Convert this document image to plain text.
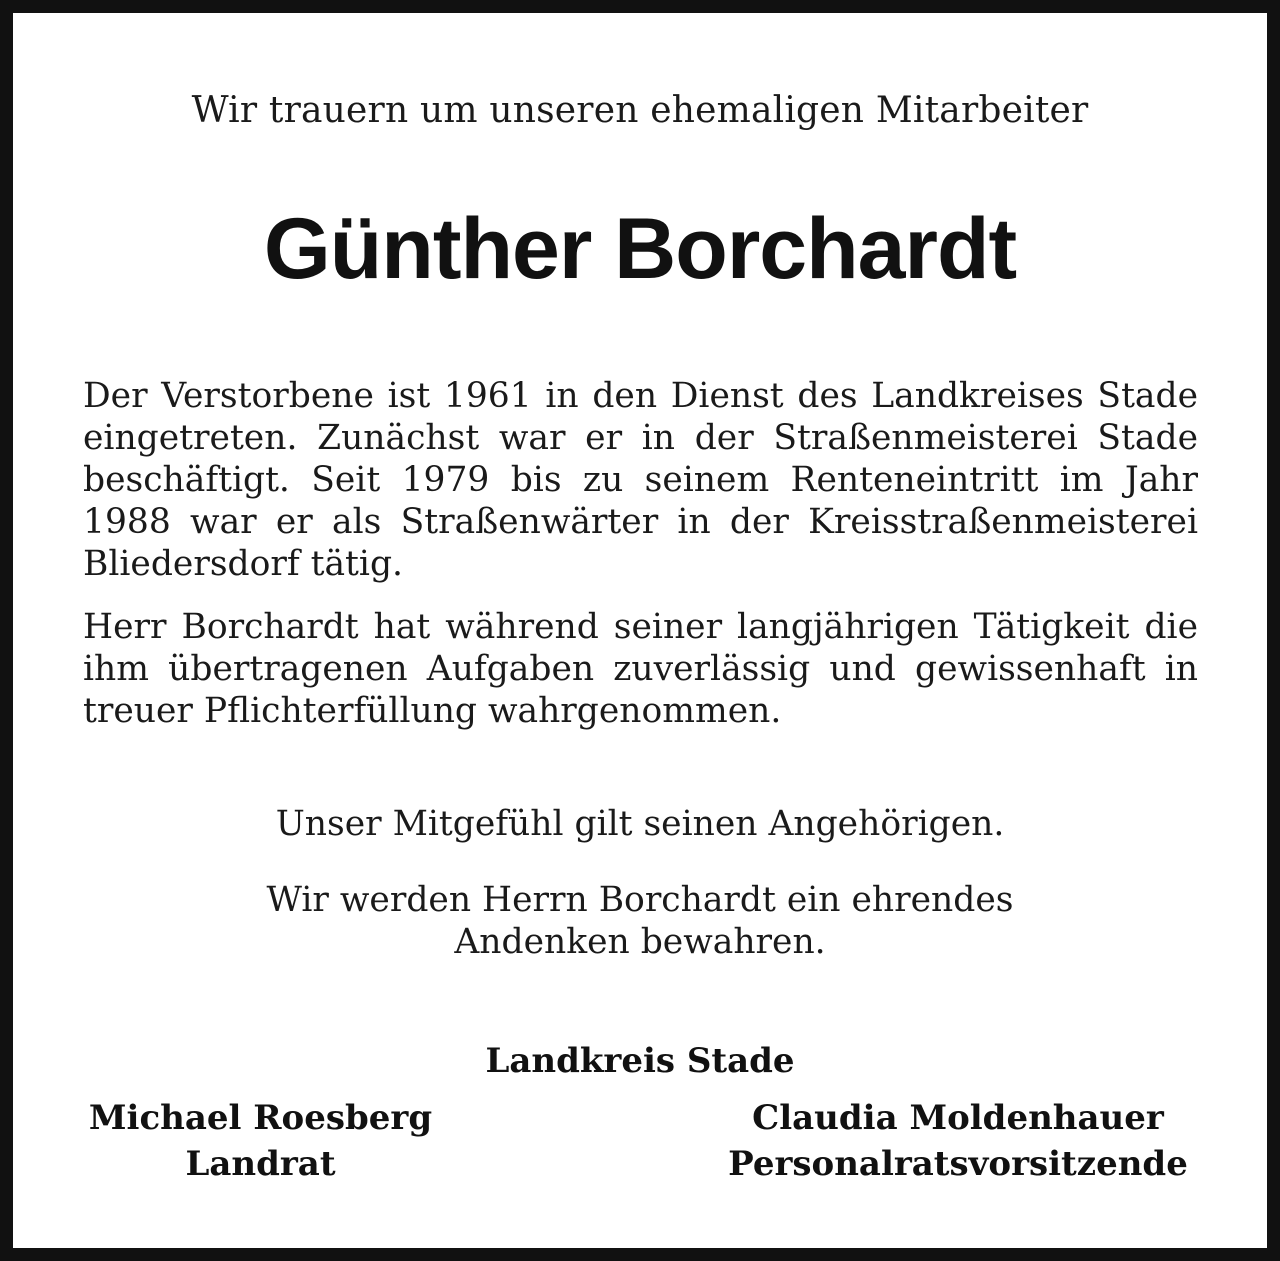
Wir trauern um unseren ehemaligen Mitarbeiter
Günther Borchardt
Der Verstorbene ist 1961 in den Dienst des Landkreises Stade eingetreten. Zunächst war er in der Straßenmeisterei Stade beschäftigt. Seit 1979 bis zu seinem Renteneintritt im Jahr 1988 war er als Straßenwärter in der Kreisstraßenmeisterei Bliedersdorf tätig.
Herr Borchardt hat während seiner langjährigen Tätigkeit die ihm übertragenen Aufgaben zuverlässig und gewissenhaft in treuer Pflichterfüllung wahrgenommen.
Unser Mitgefühl gilt seinen Angehörigen.
Wir werden Herrn Borchardt ein ehrendes
Andenken bewahren.
Landkreis Stade
Michael Roesberg
Landrat
Claudia Moldenhauer
Personalratsvorsitzende
